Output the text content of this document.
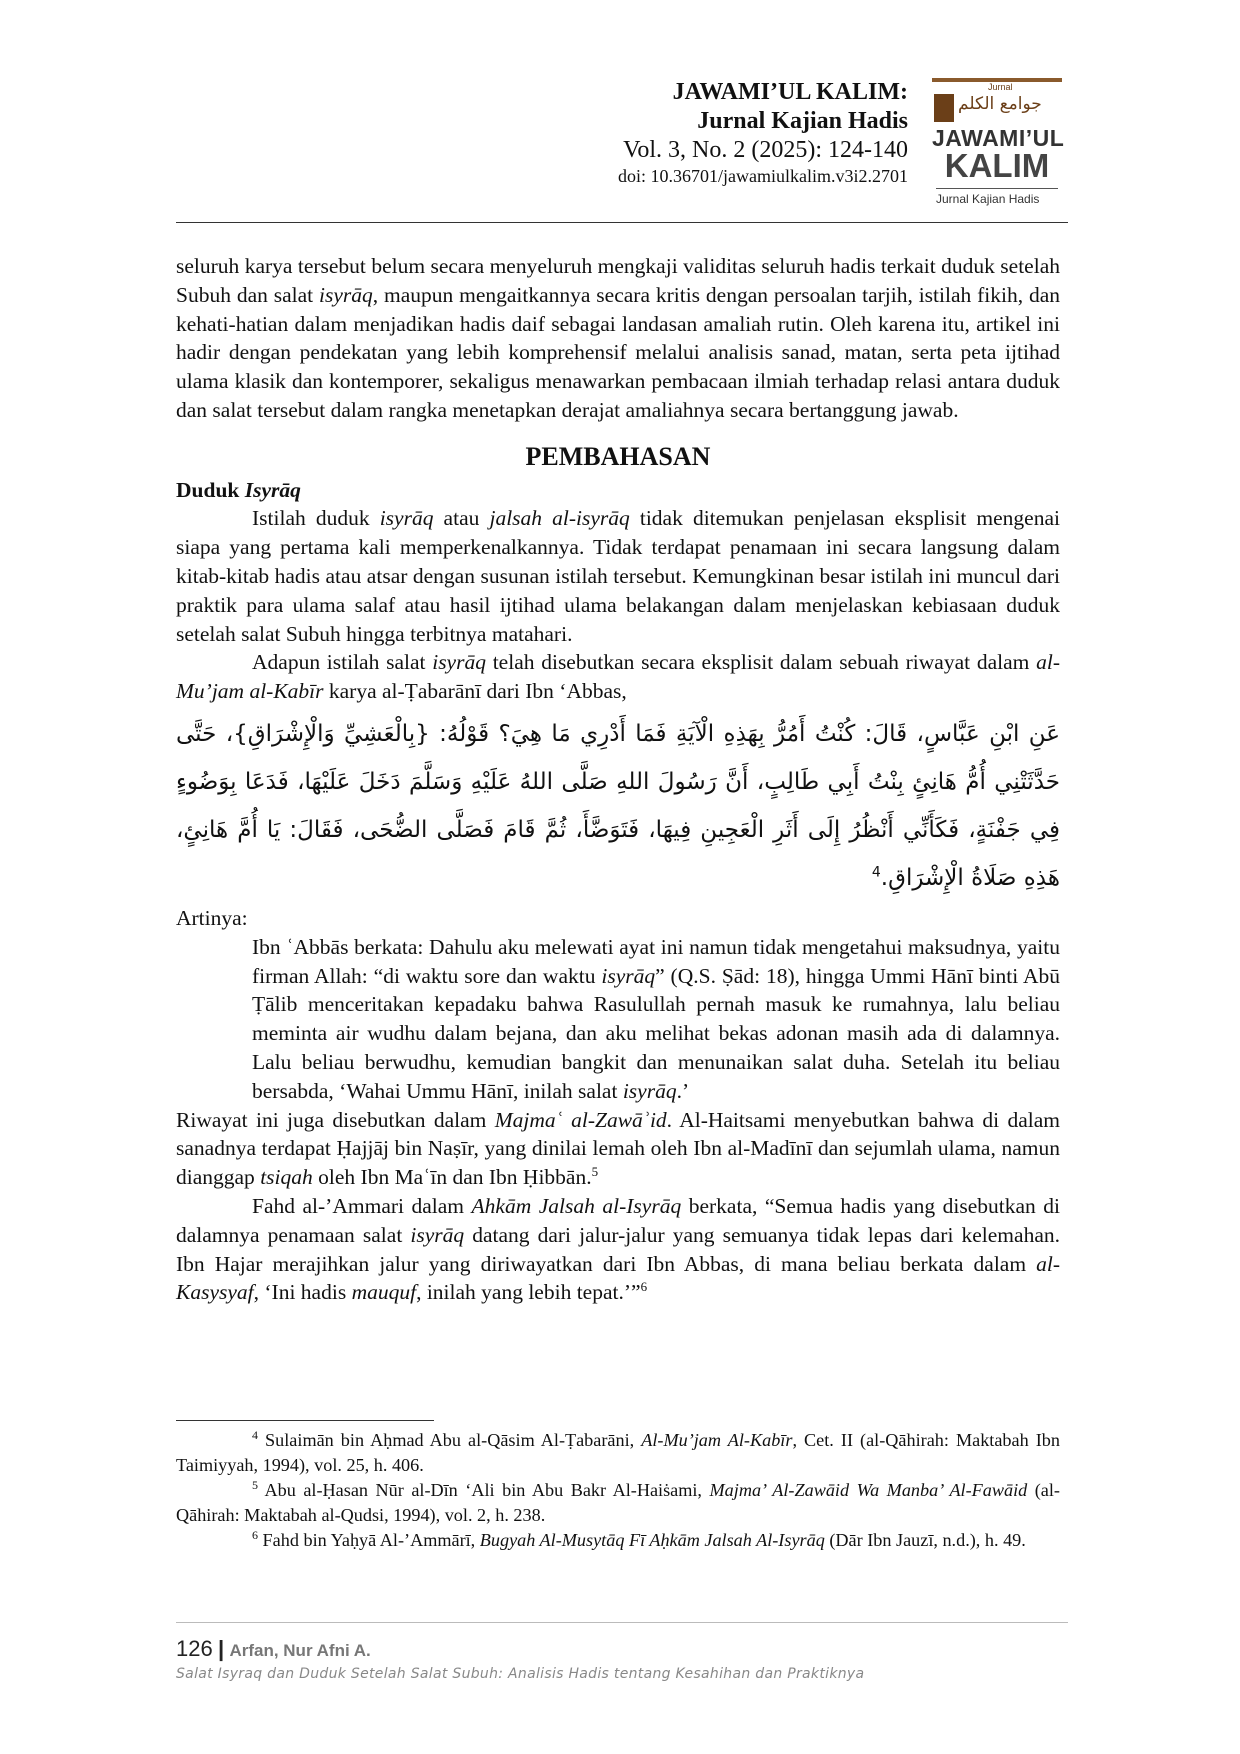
JAWAMI’UL KALIM:
Jurnal Kajian Hadis
Vol. 3, No. 2 (2025): 124-140
doi: 10.36701/jawamiulkalim.v3i2.2701
Jurnal
جوامع الكلم
JAWAMI’UL
KALIM
Jurnal Kajian Hadis

seluruh karya tersebut belum secara menyeluruh mengkaji validitas seluruh hadis terkait duduk setelah Subuh dan salat isyrāq, maupun mengaitkannya secara kritis dengan persoalan tarjih, istilah fikih, dan kehati-hatian dalam menjadikan hadis daif sebagai landasan amaliah rutin. Oleh karena itu, artikel ini hadir dengan pendekatan yang lebih komprehensif melalui analisis sanad, matan, serta peta ijtihad ulama klasik dan kontemporer, sekaligus menawarkan pembacaan ilmiah terhadap relasi antara duduk dan salat tersebut dalam rangka menetapkan derajat amaliahnya secara bertanggung jawab.

PEMBAHASAN

Duduk Isyrāq

Istilah duduk isyrāq atau jalsah al-isyrāq tidak ditemukan penjelasan eksplisit mengenai siapa yang pertama kali memperkenalkannya. Tidak terdapat penamaan ini secara langsung dalam kitab-kitab hadis atau atsar dengan susunan istilah tersebut. Kemungkinan besar istilah ini muncul dari praktik para ulama salaf atau hasil ijtihad ulama belakangan dalam menjelaskan kebiasaan duduk setelah salat Subuh hingga terbitnya matahari.

Adapun istilah salat isyrāq telah disebutkan secara eksplisit dalam sebuah riwayat dalam al-Mu’jam al-Kabīr karya al-Ṭabarānī dari Ibn ‘Abbas,

عَنِ ابْنِ عَبَّاسٍ، قَالَ: كُنْتُ أَمُرُّ بِهَذِهِ الْآيَةِ فَمَا أَدْرِي مَا هِيَ؟ قَوْلُهُ: {بِالْعَشِيِّ وَالْإِشْرَاقِ}، حَتَّى حَدَّثَتْنِي أُمُّ هَانِئٍ بِنْتُ أَبِي طَالِبٍ، أَنَّ رَسُولَ اللهِ صَلَّى اللهُ عَلَيْهِ وَسَلَّمَ دَخَلَ عَلَيْهَا، فَدَعَا بِوَضُوءٍ فِي جَفْنَةٍ، فَكَأَنِّي أَنْظُرُ إِلَى أَثَرِ الْعَجِينِ فِيهَا، فَتَوَضَّأَ، ثُمَّ قَامَ فَصَلَّى الضُّحَى، فَقَالَ: يَا أُمَّ هَانِئٍ، هَذِهِ صَلَاةُ الْإِشْرَاقِ.$^4$

Artinya:

Ibn ʿAbbās berkata: Dahulu aku melewati ayat ini namun tidak mengetahui maksudnya, yaitu firman Allah: “di waktu sore dan waktu isyrāq” (Q.S. Ṣād: 18), hingga Ummi Hānī binti Abū Ṭālib menceritakan kepadaku bahwa Rasulullah pernah masuk ke rumahnya, lalu beliau meminta air wudhu dalam bejana, dan aku melihat bekas adonan masih ada di dalamnya. Lalu beliau berwudhu, kemudian bangkit dan menunaikan salat duha. Setelah itu beliau bersabda, ‘Wahai Ummu Hānī, inilah salat isyrāq.’

Riwayat ini juga disebutkan dalam Majmaʿ al-Zawāʾid. Al-Haitsami menyebutkan bahwa di dalam sanadnya terdapat Ḥajjāj bin Naṣīr, yang dinilai lemah oleh Ibn al-Madīnī dan sejumlah ulama, namun dianggap tsiqah oleh Ibn Maʿīn dan Ibn Ḥibbān.$^5$

Fahd al-’Ammari dalam Ahkām Jalsah al-Isyrāq berkata, “Semua hadis yang disebutkan di dalamnya penamaan salat isyrāq datang dari jalur-jalur yang semuanya tidak lepas dari kelemahan. Ibn Hajar merajihkan jalur yang diriwayatkan dari Ibn Abbas, di mana beliau berkata dalam al-Kasysyaf, ‘Ini hadis mauquf, inilah yang lebih tepat.’”$^6$

$^4$ Sulaimān bin Aḥmad Abu al-Qāsim Al-Ṭabarāni, Al-Mu’jam Al-Kabīr, Cet. II (al-Qāhirah: Maktabah Ibn Taimiyyah, 1994), vol. 25, h. 406.

$^5$ Abu al-Ḥasan Nūr al-Dīn ‘Ali bin Abu Bakr Al-Haiṡami, Majma’ Al-Zawāid Wa Manba’ Al-Fawāid (al-Qāhirah: Maktabah al-Qudsi, 1994), vol. 2, h. 238.

$^6$ Fahd bin Yaḥyā Al-’Ammārī, Bugyah Al-Musytāq Fī Aḥkām Jalsah Al-Isyrāq (Dār Ibn Jauzī, n.d.), h. 49.

126 | Arfan, Nur Afni A.
Salat Isyraq dan Duduk Setelah Salat Subuh: Analisis Hadis tentang Kesahihan dan Praktiknya
